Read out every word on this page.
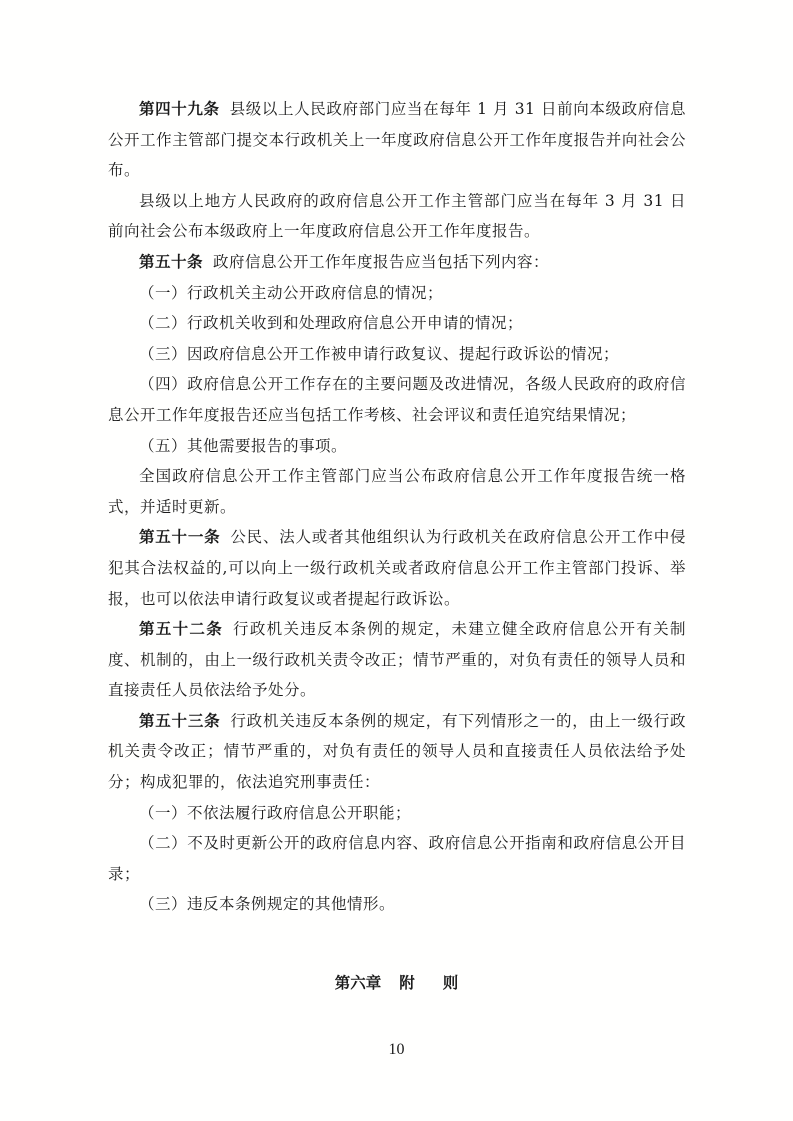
第四十九条 县级以上人民政府部门应当在每年 1 月 31 日前向本级政府信息公开工作主管部门提交本行政机关上一年度政府信息公开工作年度报告并向社会公布。

县级以上地方人民政府的政府信息公开工作主管部门应当在每年 3 月 31 日前向社会公布本级政府上一年度政府信息公开工作年度报告。

第五十条 政府信息公开工作年度报告应当包括下列内容：

（一）行政机关主动公开政府信息的情况；

（二）行政机关收到和处理政府信息公开申请的情况；

（三）因政府信息公开工作被申请行政复议、提起行政诉讼的情况；

（四）政府信息公开工作存在的主要问题及改进情况，各级人民政府的政府信息公开工作年度报告还应当包括工作考核、社会评议和责任追究结果情况；

（五）其他需要报告的事项。

全国政府信息公开工作主管部门应当公布政府信息公开工作年度报告统一格式，并适时更新。

第五十一条 公民、法人或者其他组织认为行政机关在政府信息公开工作中侵犯其合法权益的,可以向上一级行政机关或者政府信息公开工作主管部门投诉、举报，也可以依法申请行政复议或者提起行政诉讼。

第五十二条 行政机关违反本条例的规定，未建立健全政府信息公开有关制度、机制的，由上一级行政机关责令改正；情节严重的，对负有责任的领导人员和直接责任人员依法给予处分。

第五十三条 行政机关违反本条例的规定，有下列情形之一的，由上一级行政机关责令改正；情节严重的，对负有责任的领导人员和直接责任人员依法给予处分；构成犯罪的，依法追究刑事责任：

（一）不依法履行政府信息公开职能；

（二）不及时更新公开的政府信息内容、政府信息公开指南和政府信息公开目录；

（三）违反本条例规定的其他情形。

第六章 附 则
10
